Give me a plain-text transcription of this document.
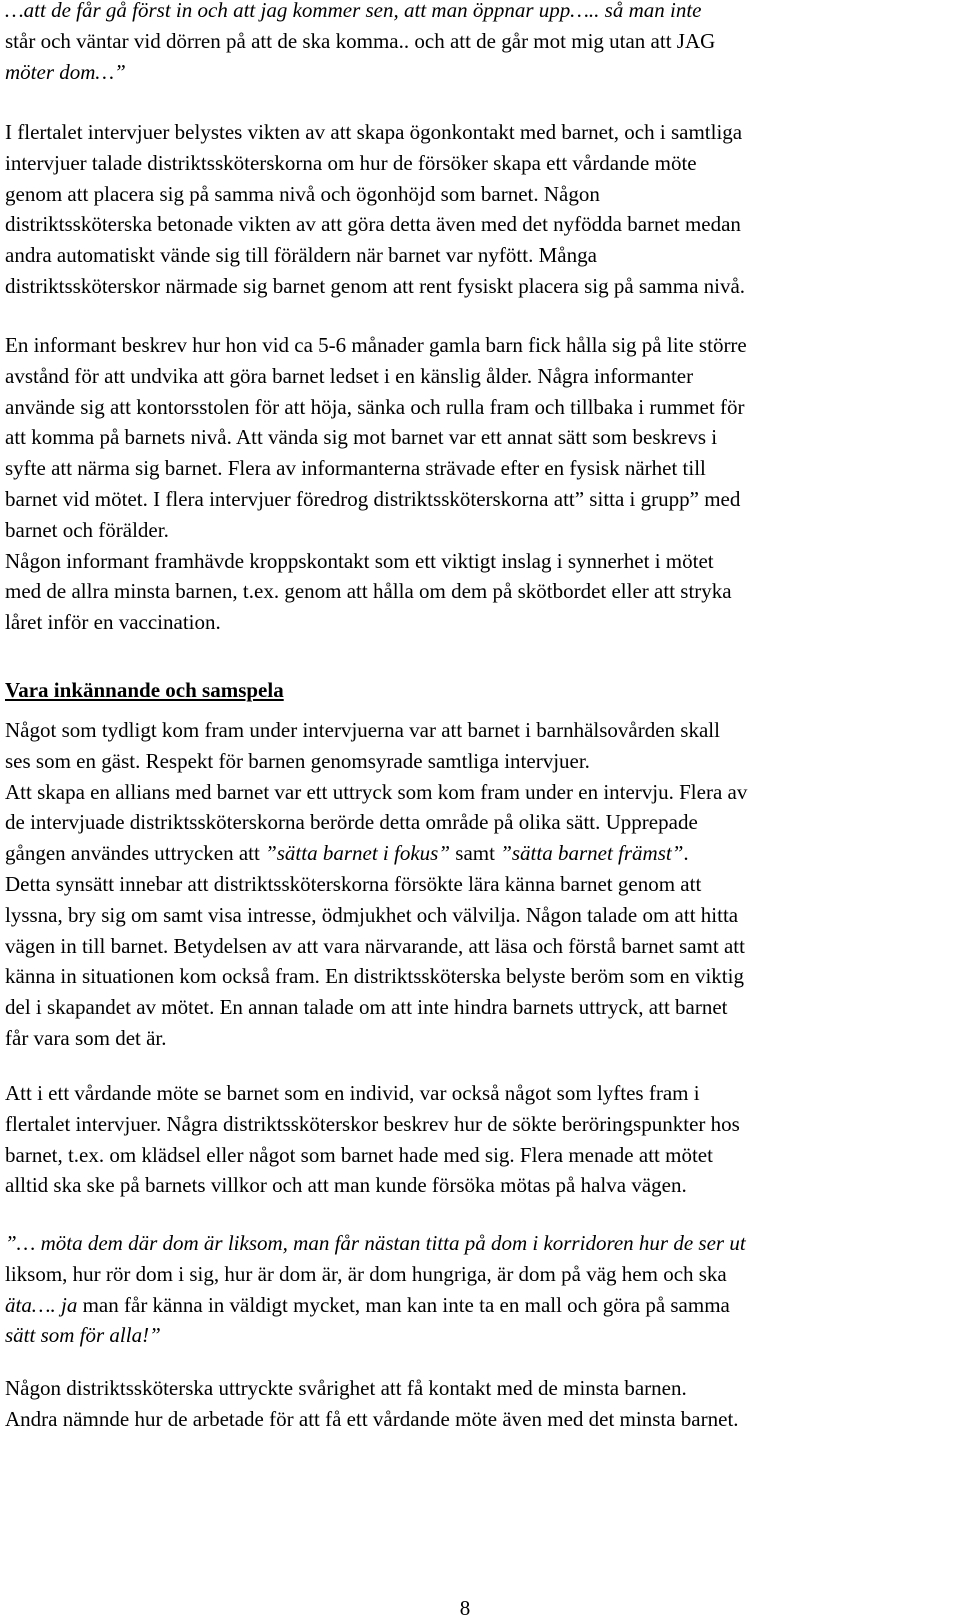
…att de får gå först in och att jag kommer sen, att man öppnar upp….. så man inte
står och väntar vid dörren på att de ska komma.. och att de går mot mig utan att JAG
möter dom…”
I flertalet intervjuer belystes vikten av att skapa ögonkontakt med barnet, och i samtliga
intervjuer talade distriktssköterskorna om hur de försöker skapa ett vårdande möte
genom att placera sig på samma nivå och ögonhöjd som barnet. Någon
distriktssköterska betonade vikten av att göra detta även med det nyfödda barnet medan
andra automatiskt vände sig till föräldern när barnet var nyfött. Många
distriktssköterskor närmade sig barnet genom att rent fysiskt placera sig på samma nivå.
En informant beskrev hur hon vid ca 5-6 månader gamla barn fick hålla sig på lite större
avstånd för att undvika att göra barnet ledset i en känslig ålder. Några informanter
använde sig att kontorsstolen för att höja, sänka och rulla fram och tillbaka i rummet för
att komma på barnets nivå. Att vända sig mot barnet var ett annat sätt som beskrevs i
syfte att närma sig barnet. Flera av informanterna strävade efter en fysisk närhet till
barnet vid mötet. I flera intervjuer föredrog distriktssköterskorna att” sitta i grupp” med
barnet och förälder.
Någon informant framhävde kroppskontakt som ett viktigt inslag i synnerhet i mötet
med de allra minsta barnen, t.ex. genom att hålla om dem på skötbordet eller att stryka
låret inför en vaccination.
Vara inkännande och samspela
Något som tydligt kom fram under intervjuerna var att barnet i barnhälsovården skall
ses som en gäst. Respekt för barnen genomsyrade samtliga intervjuer.
Att skapa en allians med barnet var ett uttryck som kom fram under en intervju. Flera av
de intervjuade distriktssköterskorna berörde detta område på olika sätt. Upprepade
gången användes uttrycken att ”sätta barnet i fokus” samt ”sätta barnet främst”.
Detta synsätt innebar att distriktssköterskorna försökte lära känna barnet genom att
lyssna, bry sig om samt visa intresse, ödmjukhet och välvilja. Någon talade om att hitta
vägen in till barnet. Betydelsen av att vara närvarande, att läsa och förstå barnet samt att
känna in situationen kom också fram. En distriktssköterska belyste beröm som en viktig
del i skapandet av mötet. En annan talade om att inte hindra barnets uttryck, att barnet
får vara som det är.
Att i ett vårdande möte se barnet som en individ, var också något som lyftes fram i
flertalet intervjuer. Några distriktssköterskor beskrev hur de sökte beröringspunkter hos
barnet, t.ex. om klädsel eller något som barnet hade med sig. Flera menade att mötet
alltid ska ske på barnets villkor och att man kunde försöka mötas på halva vägen.
”… möta dem där dom är liksom, man får nästan titta på dom i korridoren hur de ser ut
liksom, hur rör dom i sig, hur är dom är, är dom hungriga, är dom på väg hem och ska
äta…. ja man får känna in väldigt mycket, man kan inte ta en mall och göra på samma
sätt som för alla!”
Någon distriktssköterska uttryckte svårighet att få kontakt med de minsta barnen.
Andra nämnde hur de arbetade för att få ett vårdande möte även med det minsta barnet.
8
